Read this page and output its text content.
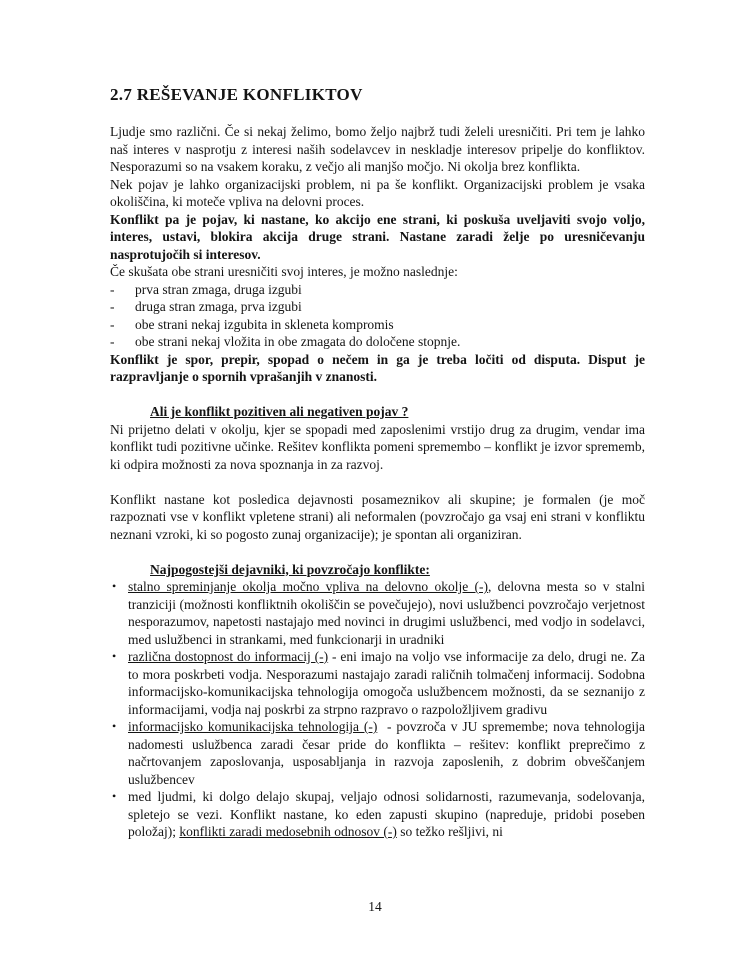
2.7 REŠEVANJE KONFLIKTOV

Ljudje smo različni. Če si nekaj želimo, bomo željo najbrž tudi želeli uresničiti. Pri tem je lahko naš interes v nasprotju z interesi naših sodelavcev in neskladje interesov pripelje do konfliktov. Nesporazumi so na vsakem koraku, z večjo ali manjšo močjo. Ni okolja brez konflikta.

Nek pojav je lahko organizacijski problem, ni pa še konflikt. Organizacijski problem je vsaka okoliščina, ki moteče vpliva na delovni proces.

Konflikt pa je pojav, ki nastane, ko akcijo ene strani, ki poskuša uveljaviti svojo voljo, interes, ustavi, blokira akcija druge strani. Nastane zaradi želje po uresničevanju nasprotujočih si interesov.

Če skušata obe strani uresničiti svoj interes, je možno naslednje:

- prva stran zmaga, druga izgubi
- druga stran zmaga, prva izgubi
- obe strani nekaj izgubita in skleneta kompromis
- obe strani nekaj vložita in obe zmagata do določene stopnje.

Konflikt je spor, prepir, spopad o nečem in ga je treba ločiti od disputa. Disput je razpravljanje o spornih vprašanjih v znanosti.

Ali je konflikt pozitiven ali negativen pojav ?

Ni prijetno delati v okolju, kjer se spopadi med zaposlenimi vrstijo drug za drugim, vendar ima konflikt tudi pozitivne učinke. Rešitev konflikta pomeni spremembo – konflikt je izvor sprememb, ki odpira možnosti za nova spoznanja in za razvoj.

Konflikt nastane kot posledica dejavnosti posameznikov ali skupine; je formalen (je moč razpoznati vse v konflikt vpletene strani) ali neformalen (povzročajo ga vsaj eni strani v konfliktu neznani vzroki, ki so pogosto zunaj organizacije); je spontan ali organiziran.

Najpogostejši dejavniki, ki povzročajo konflikte:
• stalno spreminjanje okolja močno vpliva na delovno okolje (-), delovna mesta so v stalni tranziciji (možnosti konfliktnih okoliščin se povečujejo), novi uslužbenci povzročajo verjetnost nesporazumov, napetosti nastajajo med novinci in drugimi uslužbenci, med vodjo in sodelavci, med uslužbenci in strankami, med funkcionarji in uradniki
• različna dostopnost do informacij (-) - eni imajo na voljo vse informacije za delo, drugi ne. Za to mora poskrbeti vodja. Nesporazumi nastajajo zaradi raličnih tolmačenj informacij. Sodobna informacijsko-komunikacijska tehnologija omogoča uslužbencem možnosti, da se seznanijo z informacijami, vodja naj poskrbi za strpno razpravo o razpoložljivem gradivu
• informacijsko komunikacijska tehnologija (-)  - povzroča v JU spremembe; nova tehnologija nadomesti uslužbenca zaradi česar pride do konflikta – rešitev: konflikt preprečimo z načrtovanjem zaposlovanja, usposabljanja in razvoja zaposlenih, z dobrim obveščanjem uslužbencev
• med ljudmi, ki dolgo delajo skupaj, veljajo odnosi solidarnosti, razumevanja, sodelovanja, spletejo se vezi. Konflikt nastane, ko eden zapusti skupino (napreduje, pridobi poseben položaj); konflikti zaradi medosebnih odnosov (-) so težko rešljivi, ni
14
